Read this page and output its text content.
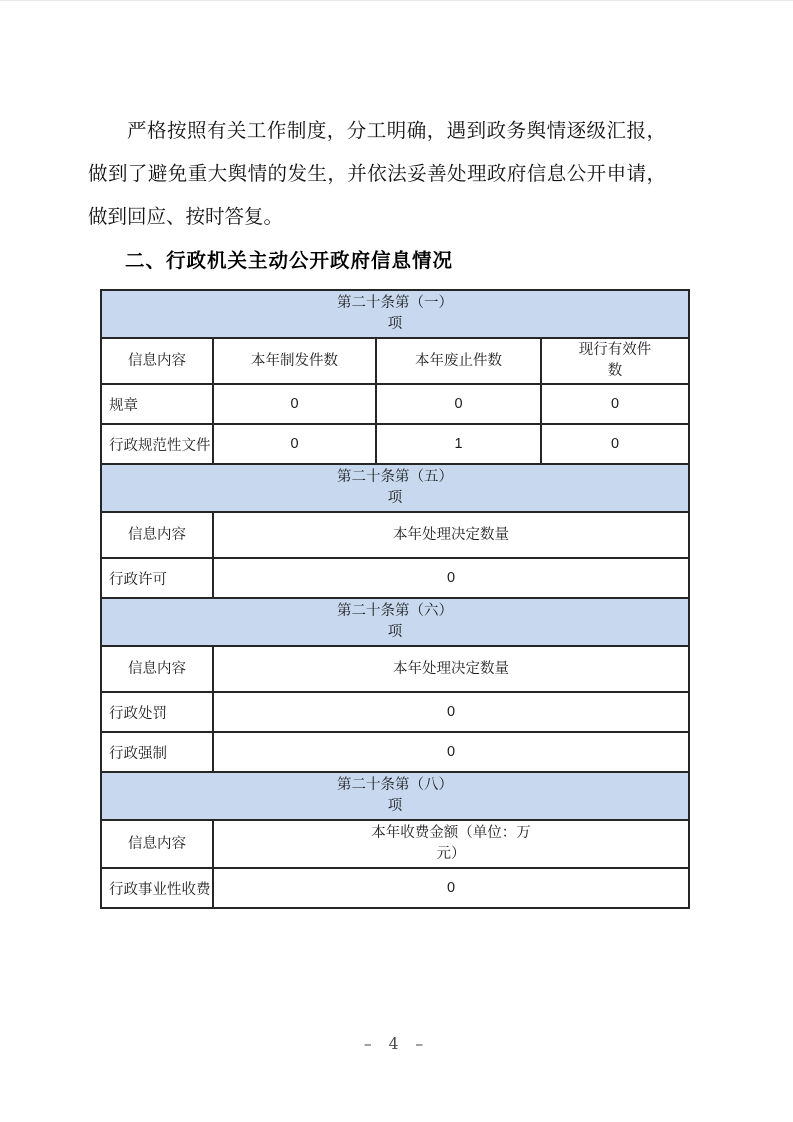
严格按照有关工作制度，分工明确，遇到政务舆情逐级汇报，做到了避免重大舆情的发生，并依法妥善处理政府信息公开申请，做到回应、按时答复。

二、行政机关主动公开政府信息情况
第二十条第（一）项			
信息内容	本年制发件数	本年废止件数	现行有效件数
规章	0	0	0
行政规范性文件	0	1	0
第二十条第（五）项			
信息内容	本年处理决定数量		
行政许可	0		
第二十条第（六）项			
信息内容	本年处理决定数量		
行政处罚	0		
行政强制	0		
第二十条第（八）项			
信息内容	本年收费金额（单位：万元）		
行政事业性收费	0		
– 4 –
